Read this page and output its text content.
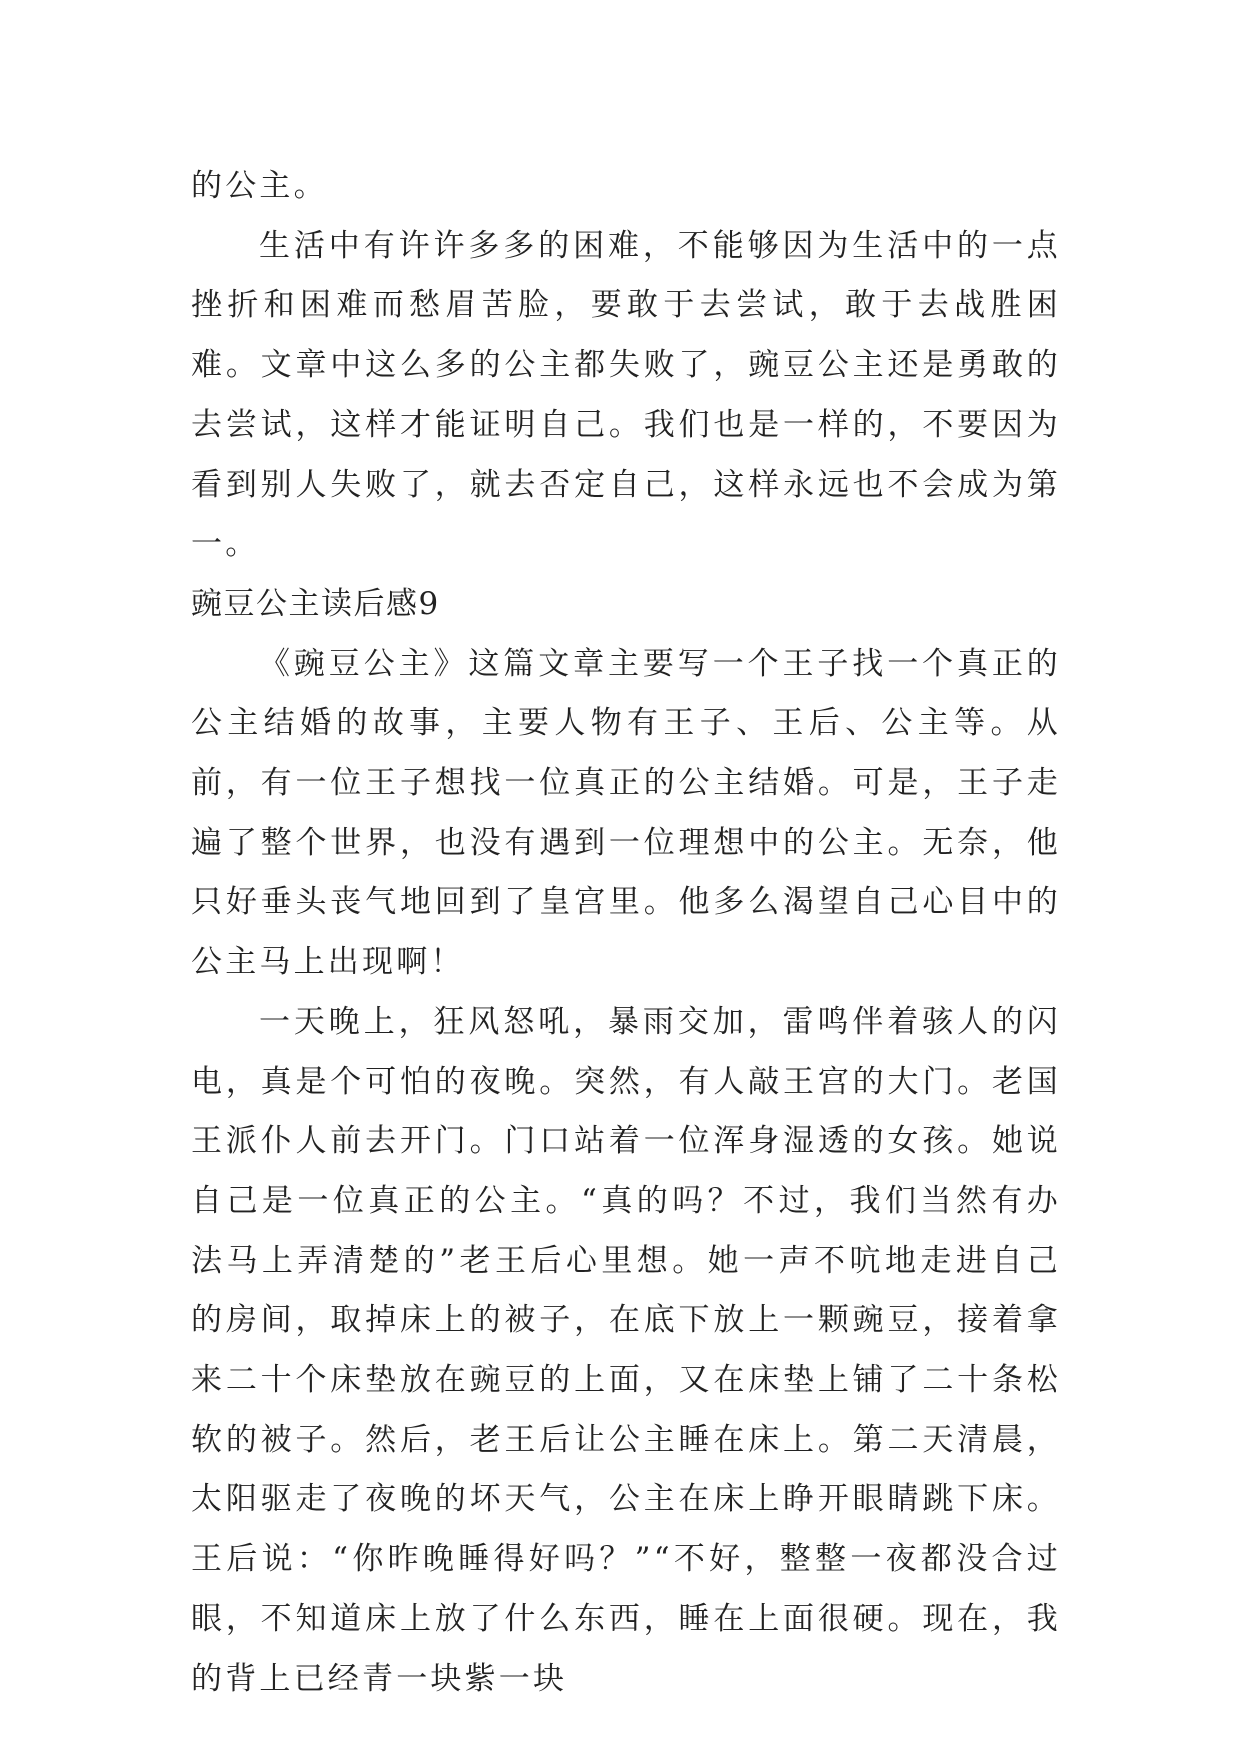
的公主。

生活中有许许多多的困难，不能够因为生活中的一点挫折和困难而愁眉苦脸，要敢于去尝试，敢于去战胜困难。文章中这么多的公主都失败了，豌豆公主还是勇敢的去尝试，这样才能证明自己。我们也是一样的，不要因为看到别人失败了，就去否定自己，这样永远也不会成为第一。

豌豆公主读后感9

《豌豆公主》这篇文章主要写一个王子找一个真正的公主结婚的故事，主要人物有王子、王后、公主等。从前，有一位王子想找一位真正的公主结婚。可是，王子走遍了整个世界，也没有遇到一位理想中的公主。无奈，他只好垂头丧气地回到了皇宫里。他多么渴望自己心目中的公主马上出现啊！

一天晚上，狂风怒吼，暴雨交加，雷鸣伴着骇人的闪电，真是个可怕的夜晚。突然，有人敲王宫的大门。老国王派仆人前去开门。门口站着一位浑身湿透的女孩。她说自己是一位真正的公主。“真的吗？不过，我们当然有办法马上弄清楚的”老王后心里想。她一声不吭地走进自己的房间，取掉床上的被子，在底下放上一颗豌豆，接着拿来二十个床垫放在豌豆的上面，又在床垫上铺了二十条松软的被子。然后，老王后让公主睡在床上。第二天清晨，太阳驱走了夜晚的坏天气，公主在床上睁开眼睛跳下床。王后说：“你昨晚睡得好吗？”“不好，整整一夜都没合过眼，不知道床上放了什么东西，睡在上面很硬。现在，我的背上已经青一块紫一块
